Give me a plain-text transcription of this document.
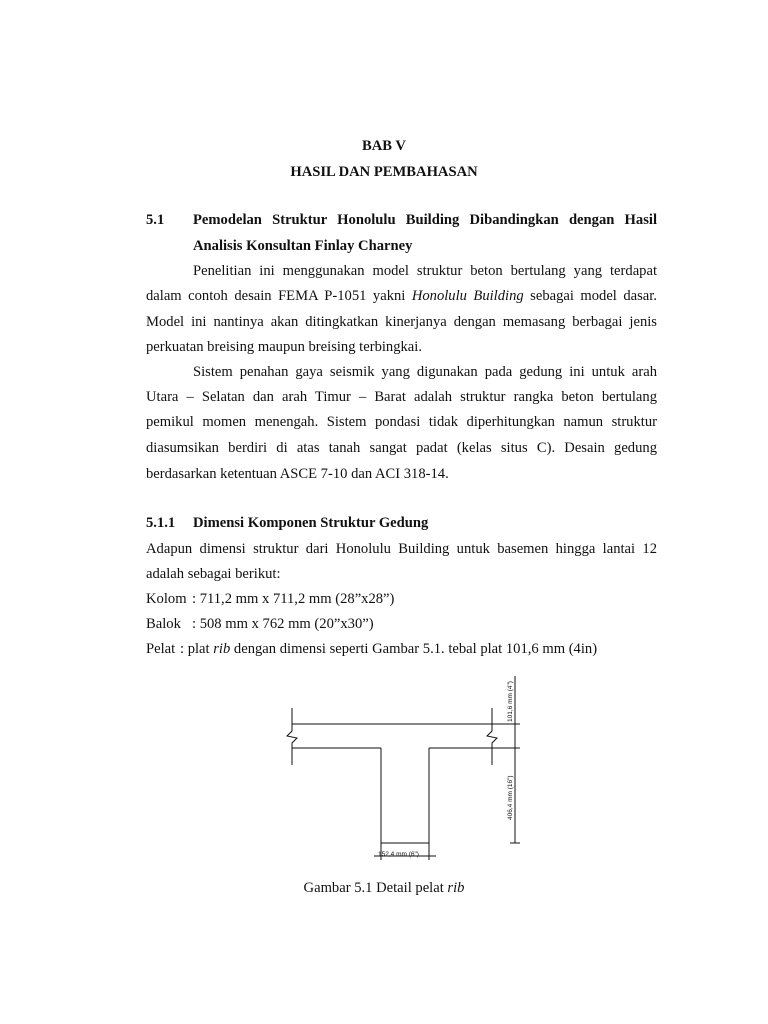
BAB V
HASIL DAN PEMBAHASAN
5.1 Pemodelan Struktur Honolulu Building Dibandingkan dengan Hasil
Analisis Konsultan Finlay Charney
Penelitian ini menggunakan model struktur beton bertulang yang terdapat
dalam contoh desain FEMA P-1051 yakni Honolulu Building sebagai model dasar.
Model ini nantinya akan ditingkatkan kinerjanya dengan memasang berbagai jenis
perkuatan breising maupun breising terbingkai.
Sistem penahan gaya seismik yang digunakan pada gedung ini untuk arah
Utara – Selatan dan arah Timur – Barat adalah struktur rangka beton bertulang
pemikul momen menengah. Sistem pondasi tidak diperhitungkan namun struktur
diasumsikan berdiri di atas tanah sangat padat (kelas situs C). Desain gedung
berdasarkan ketentuan ASCE 7-10 dan ACI 318-14.
5.1.1 Dimensi Komponen Struktur Gedung
Adapun dimensi struktur dari Honolulu Building untuk basemen hingga lantai 12
adalah sebagai berikut:
Kolom : 711,2 mm x 711,2 mm (28”x28”)
Balok : 508 mm x 762 mm (20”x30”)
Pelat : plat rib dengan dimensi seperti Gambar 5.1. tebal plat 101,6 mm (4in)
101,6 mm (4")
406,4 mm (16")
152,4 mm (6")
Gambar 5.1 Detail pelat rib
